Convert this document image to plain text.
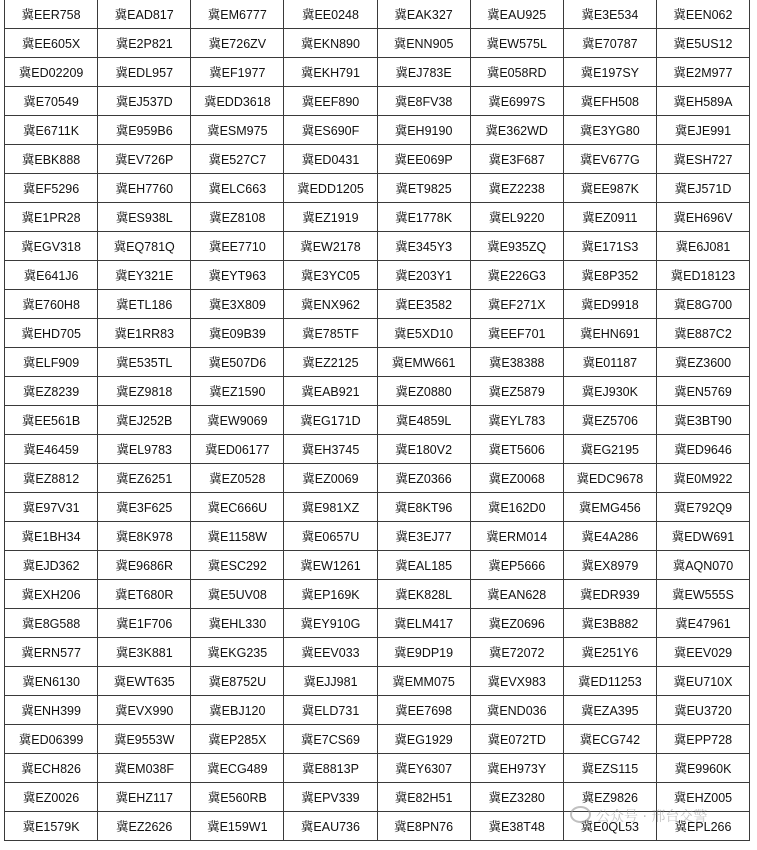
冀EER758	冀EAD817	冀EM6777	冀EE0248	冀EAK327	冀EAU925	冀E3E534	冀EEN062
冀EE605X	冀E2P821	冀E726ZV	冀EKN890	冀ENN905	冀EW575L	冀E70787	冀E5US12
冀ED02209	冀EDL957	冀EF1977	冀EKH791	冀EJ783E	冀E058RD	冀E197SY	冀E2M977
冀E70549	冀EJ537D	冀EDD3618	冀EEF890	冀E8FV38	冀E6997S	冀EFH508	冀EH589A
冀E6711K	冀E959B6	冀ESM975	冀ES690F	冀EH9190	冀E362WD	冀E3YG80	冀EJE991
冀EBK888	冀EV726P	冀E527C7	冀ED0431	冀EE069P	冀E3F687	冀EV677G	冀ESH727
冀EF5296	冀EH7760	冀ELC663	冀EDD1205	冀ET9825	冀EZ2238	冀EE987K	冀EJ571D
冀E1PR28	冀ES938L	冀EZ8108	冀EZ1919	冀E1778K	冀EL9220	冀EZ0911	冀EH696V
冀EGV318	冀EQ781Q	冀EE7710	冀EW2178	冀E345Y3	冀E935ZQ	冀E171S3	冀E6J081
冀E641J6	冀EY321E	冀EYT963	冀E3YC05	冀E203Y1	冀E226G3	冀E8P352	冀ED18123
冀E760H8	冀ETL186	冀E3X809	冀ENX962	冀EE3582	冀EF271X	冀ED9918	冀E8G700
冀EHD705	冀E1RR83	冀E09B39	冀E785TF	冀E5XD10	冀EEF701	冀EHN691	冀E887C2
冀ELF909	冀E535TL	冀E507D6	冀EZ2125	冀EMW661	冀E38388	冀E01187	冀EZ3600
冀EZ8239	冀EZ9818	冀EZ1590	冀EAB921	冀EZ0880	冀EZ5879	冀EJ930K	冀EN5769
冀EE561B	冀EJ252B	冀EW9069	冀EG171D	冀E4859L	冀EYL783	冀EZ5706	冀E3BT90
冀E46459	冀EL9783	冀ED06177	冀EH3745	冀E180V2	冀ET5606	冀EG2195	冀ED9646
冀EZ8812	冀EZ6251	冀EZ0528	冀EZ0069	冀EZ0366	冀EZ0068	冀EDC9678	冀E0M922
冀E97V31	冀E3F625	冀EC666U	冀E981XZ	冀E8KT96	冀E162D0	冀EMG456	冀E792Q9
冀E1BH34	冀E8K978	冀E1158W	冀E0657U	冀E3EJ77	冀ERM014	冀E4A286	冀EDW691
冀EJD362	冀E9686R	冀ESC292	冀EW1261	冀EAL185	冀EP5666	冀EX8979	冀AQN070
冀EXH206	冀ET680R	冀E5UV08	冀EP169K	冀EK828L	冀EAN628	冀EDR939	冀EW555S
冀E8G588	冀E1F706	冀EHL330	冀EY910G	冀ELM417	冀EZ0696	冀E3B882	冀E47961
冀ERN577	冀E3K881	冀EKG235	冀EEV033	冀E9DP19	冀E72072	冀E251Y6	冀EEV029
冀EN6130	冀EWT635	冀E8752U	冀EJJ981	冀EMM075	冀EVX983	冀ED11253	冀EU710X
冀ENH399	冀EVX990	冀EBJ120	冀ELD731	冀EE7698	冀END036	冀EZA395	冀EU3720
冀ED06399	冀E9553W	冀EP285X	冀E7CS69	冀EG1929	冀E072TD	冀ECG742	冀EPP728
冀ECH826	冀EM038F	冀ECG489	冀E8813P	冀EY6307	冀EH973Y	冀EZS115	冀E9960K
冀EZ0026	冀EHZ117	冀E560RB	冀EPV339	冀E82H51	冀EZ3280	冀EZ9826	冀EHZ005
冀E1579K	冀EZ2626	冀E159W1	冀EAU736	冀E8PN76	冀E38T48	冀E0QL53	冀EPL266
公众号 · 邢台交警
